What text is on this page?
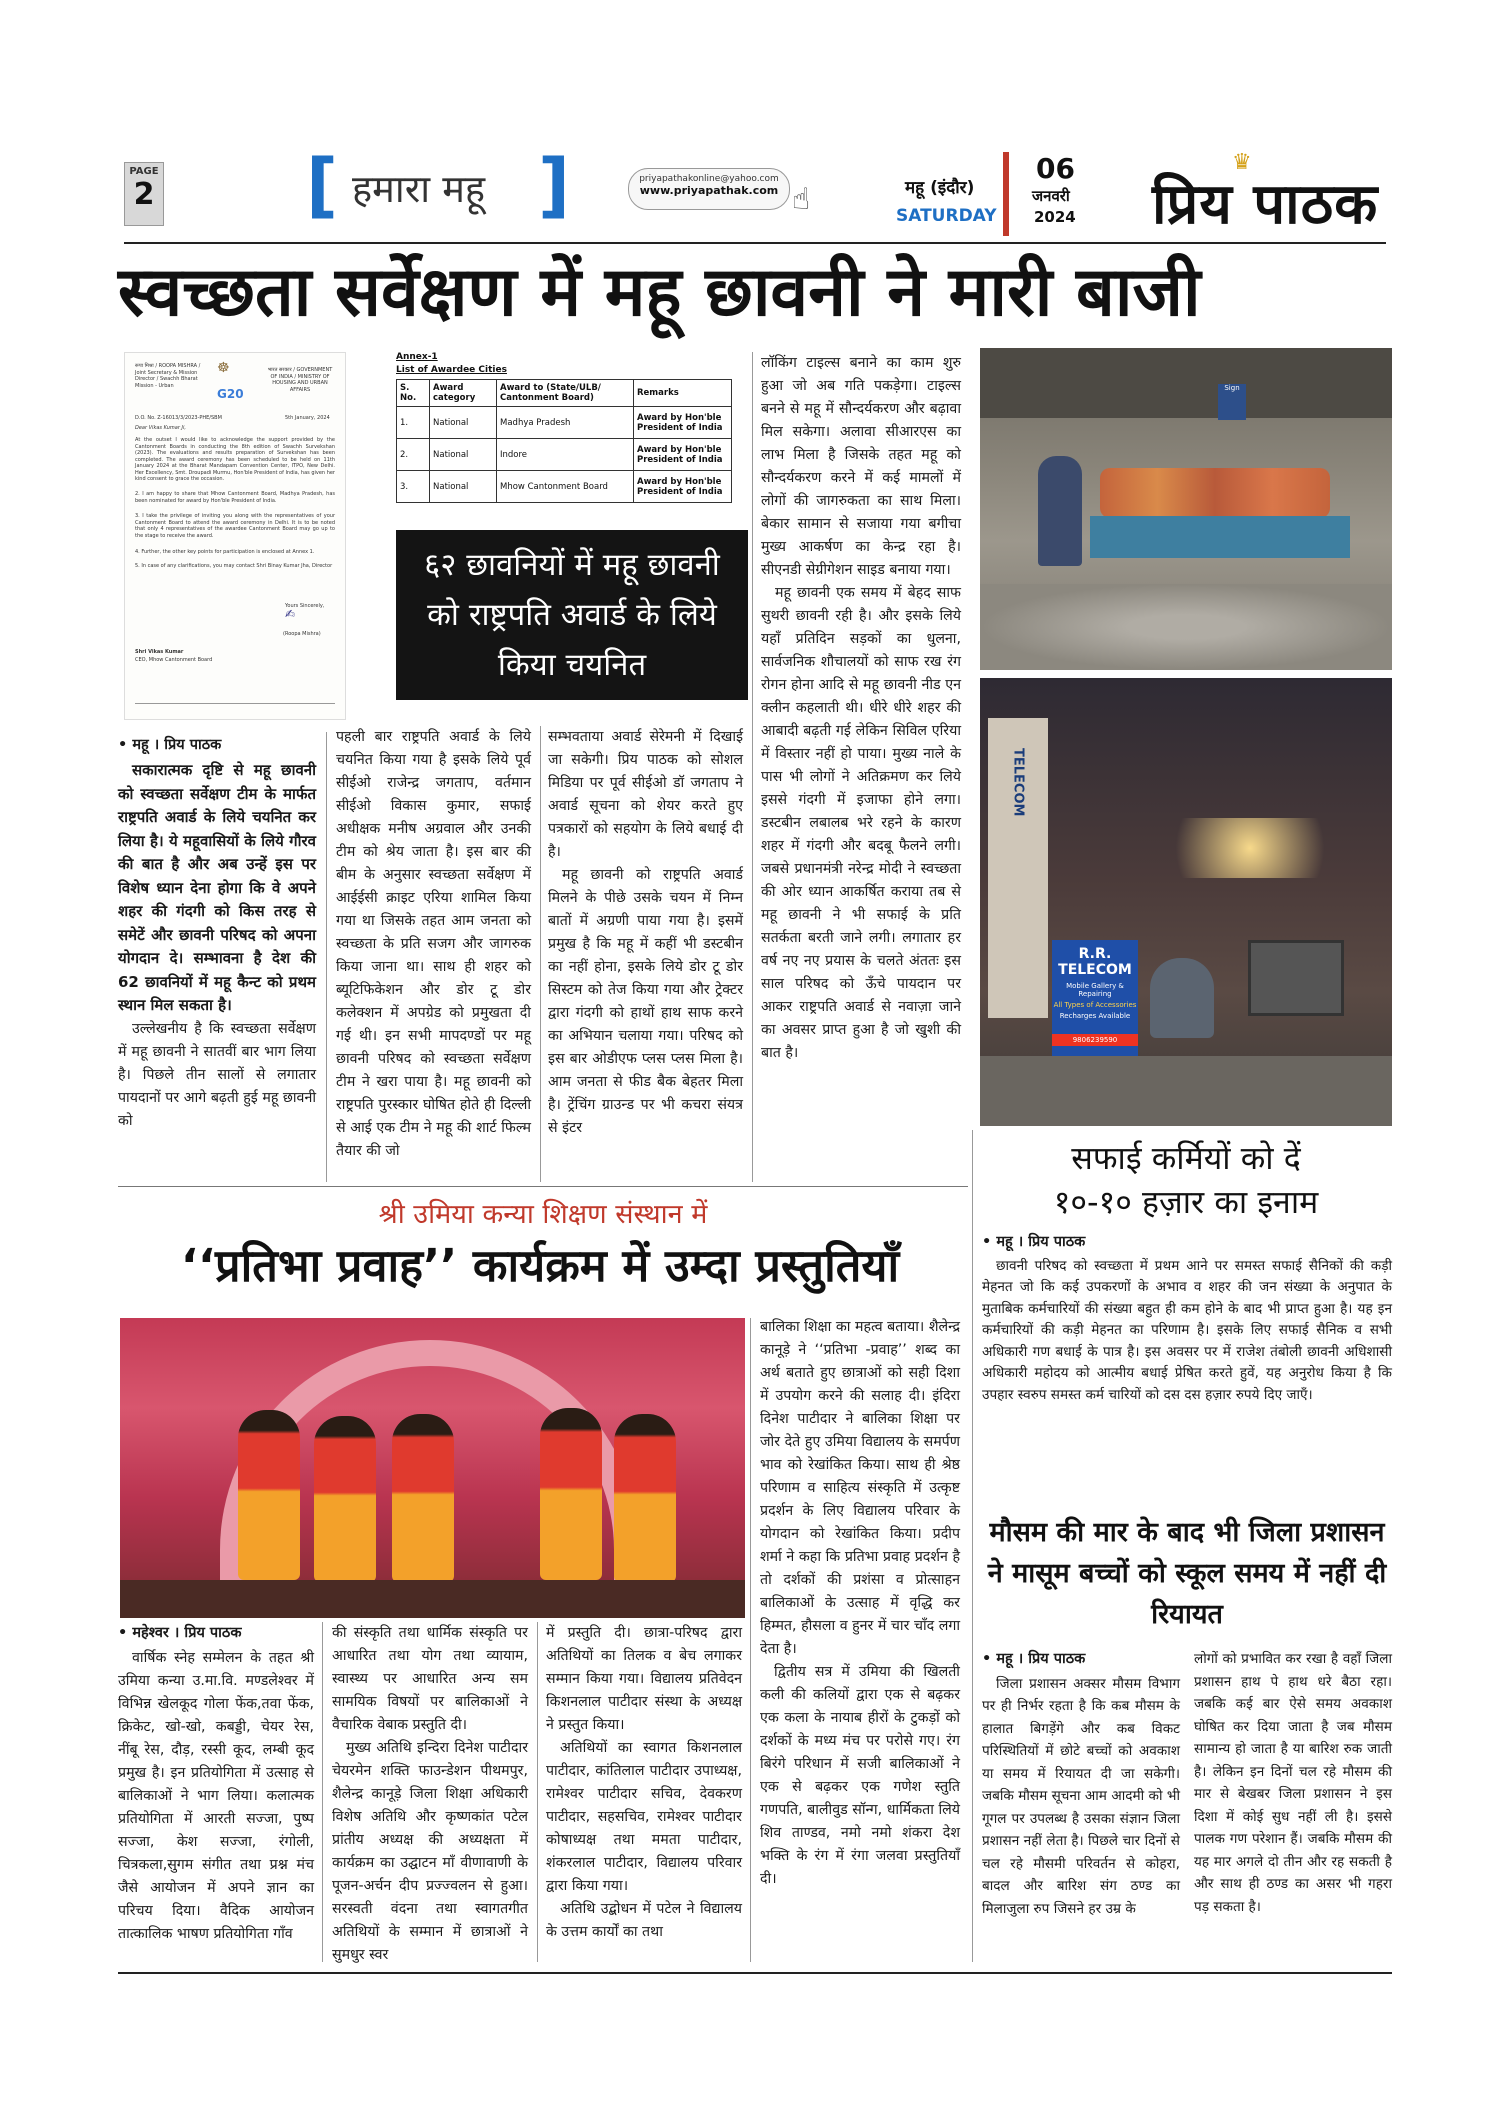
PAGE
2 [ हमारा महू ]	priyapathakonline@yahoo.com
www.priyapathak.com ☝	महू (इंदौर)
SATURDAY
06
जनवरी
2024
♛
प्रिय पाठक
स्वच्छता सर्वेक्षण में महू छावनी ने मारी बाजी
रूपा मिश्रा / ROOPA MISHRA / Joint Secretary & Mission Director / Swachh Bharat Mission - Urban
☸	भारत सरकार / GOVERNMENT OF INDIA / MINISTRY OF HOUSING AND URBAN AFFAIRS
G20
D.O. No. Z-16013/3/2023-PHE/SBM	5th January, 2024
Dear Vikas Kumar Ji,
At the outset I would like to acknowledge the support provided by the Cantonment Boards in conducting the 8th edition of Swachh Survekshan (2023). The evaluations and results preparation of Survekshan has been completed. The award ceremony has been scheduled to be held on 11th January 2024 at the Bharat Mandapam Convention Center, ITPO, New Delhi. Her Excellency, Smt. Droupadi Murmu, Hon'ble President of India, has given her kind consent to grace the occasion.
2. I am happy to share that Mhow Cantonment Board, Madhya Pradesh, has been nominated for award by Hon'ble President of India.
3. I take the privilege of inviting you along with the representatives of your Cantonment Board to attend the award ceremony in Delhi. It is to be noted that only 4 representatives of the awardee Cantonment Board may go up to the stage to receive the award.
4. Further, the other key points for participation is enclosed at Annex 1.
5. In case of any clarifications, you may contact Shri Binay Kumar Jha, Director
Yours Sincerely,
✍
(Roopa Mishra)
Shri Vikas Kumar
CEO, Mhow Cantonment Board
Annex-1
List of Awardee Cities
S. No.	Award category	Award to (State/ULB/ Cantonment Board)	Remarks
1.	National	Madhya Pradesh	Award by Hon'ble President of India
2.	National	Indore	Award by Hon'ble President of India
3.	National	Mhow Cantonment Board	Award by Hon'ble President of India
६२ छावनियों में महू छावनी को राष्ट्रपति अवार्ड के लिये किया चयनित
• महू । प्रिय पाठक
सकारात्मक दृष्टि से महू छावनी को स्वच्छता सर्वेक्षण टीम के मार्फत राष्ट्रपति अवार्ड के लिये चयनित कर लिया है। ये महूवासियों के लिये गौरव की बात है और अब उन्हें इस पर विशेष ध्यान देना होगा कि वे अपने शहर की गंदगी को किस तरह से समेटें और छावनी परिषद को अपना योगदान दे। सम्भावना है देश की 62 छावनियों में महू कैन्ट को प्रथम स्थान मिल सकता है।

उल्लेखनीय है कि स्वच्छता सर्वेक्षण में महू छावनी ने सातवीं बार भाग लिया है। पिछले तीन सालों से लगातार पायदानों पर आगे बढ़ती हुई महू छावनी को

पहली बार राष्ट्रपति अवार्ड के लिये चयनित किया गया है इसके लिये पूर्व सीईओ राजेन्द्र जगताप, वर्तमान सीईओ विकास कुमार, सफाई अधीक्षक मनीष अग्रवाल और उनकी टीम को श्रेय जाता है। इस बार की बीम के अनुसार स्वच्छता सर्वेक्षण में आईईसी क्राइट एरिया शामिल किया गया था जिसके तहत आम जनता को स्वच्छता के प्रति सजग और जागरुक किया जाना था। साथ ही शहर को ब्यूटिफिकेशन और डोर टू डोर कलेक्शन में अपग्रेड को प्रमुखता दी गई थी। इन सभी मापदण्डों पर महू छावनी परिषद को स्वच्छता सर्वेक्षण टीम ने खरा पाया है। महू छावनी को राष्ट्रपति पुरस्कार घोषित होते ही दिल्ली से आई एक टीम ने महू की शार्ट फिल्म तैयार की जो

सम्भवताया अवार्ड सेरेमनी में दिखाई जा सकेगी। प्रिय पाठक को सोशल मिडिया पर पूर्व सीईओ डॉ जगताप ने अवार्ड सूचना को शेयर करते हुए पत्रकारों को सहयोग के लिये बधाई दी है।

महू छावनी को राष्ट्रपति अवार्ड मिलने के पीछे उसके चयन में निम्न बातों में अग्रणी पाया गया है। इसमें प्रमुख है कि महू में कहीं भी डस्टबीन का नहीं होना, इसके लिये डोर टू डोर सिस्टम को तेज किया गया और ट्रेक्टर द्वारा गंदगी को हाथों हाथ साफ करने का अभियान चलाया गया। परिषद को इस बार ओडीएफ प्लस प्लस मिला है। आम जनता से फीड बैक बेहतर मिला है। ट्रेंचिंग ग्राउन्ड पर भी कचरा संयत्र से इंटर

लॉकिंग टाइल्स बनाने का काम शुरु हुआ जो अब गति पकड़ेगा। टाइल्स बनने से महू में सौन्दर्यकरण और बढ़ावा मिल सकेगा। अलावा सीआरएस का लाभ मिला है जिसके तहत महू को सौन्दर्यकरण करने में कई मामलों में लोगों की जागरुकता का साथ मिला। बेकार सामान से सजाया गया बगीचा मुख्य आकर्षण का केन्द्र रहा है। सीएनडी सेग्रीगेशन साइड बनाया गया।

महू छावनी एक समय में बेहद साफ सुथरी छावनी रही है। और इसके लिये यहाँ प्रतिदिन सड़कों का धुलना, सार्वजनिक शौचालयों को साफ रख रंग रोगन होना आदि से महू छावनी नीड एन क्लीन कहलाती थी। धीरे धीरे शहर की आबादी बढ़ती गई लेकिन सिविल एरिया में विस्तार नहीं हो पाया। मुख्य नाले के पास भी लोगों ने अतिक्रमण कर लिये इससे गंदगी में इजाफा होने लगा। डस्टबीन लबालब भरे रहने के कारण शहर में गंदगी और बदबू फैलने लगी। जबसे प्रधानमंत्री नरेन्द्र मोदी ने स्वच्छता की ओर ध्यान आकर्षित कराया तब से महू छावनी ने भी सफाई के प्रति सतर्कता बरती जाने लगी। लगातार हर वर्ष नए नए प्रयास के चलते अंततः इस साल परिषद को ऊँचे पायदान पर आकर राष्ट्रपति अवार्ड से नवाज़ा जाने का अवसर प्राप्त हुआ है जो खुशी की बात है।

Sign
TELECOM
R.R. TELECOM
Mobile Gallery & Repairing
All Types of Accessories
Recharges Available
9806239590
सफाई कर्मियों को दें
१०-१० हज़ार का इनाम
• महू । प्रिय पाठक

छावनी परिषद को स्वच्छता में प्रथम आने पर समस्त सफाई सैनिकों की कड़ी मेहनत जो कि कई उपकरणों के अभाव व शहर की जन संख्या के अनुपात के मुताबिक कर्मचारियों की संख्या बहुत ही कम होने के बाद भी प्राप्त हुआ है। यह इन कर्मचारियों की कड़ी मेहनत का परिणाम है। इसके लिए सफाई सैनिक व सभी अधिकारी गण बधाई के पात्र है। इस अवसर पर में राजेश तंबोली छावनी अधिशासी अधिकारी महोदय को आत्मीय बधाई प्रेषित करते हुवें, यह अनुरोध किया है कि उपहार स्वरुप समस्त कर्म चारियों को दस दस हज़ार रुपये दिए जाएँ।

मौसम की मार के बाद भी जिला प्रशासन ने मासूम बच्चों को स्कूल समय में नहीं दी रियायत
• महू । प्रिय पाठक

जिला प्रशासन अक्सर मौसम विभाग पर ही निर्भर रहता है कि कब मौसम के हालात बिगड़ेंगे और कब विकट परिस्थितियों में छोटे बच्चों को अवकाश या समय में रियायत दी जा सकेगी। जबकि मौसम सूचना आम आदमी को भी गूगल पर उपलब्ध है उसका संज्ञान जिला प्रशासन नहीं लेता है। पिछले चार दिनों से चल रहे मौसमी परिवर्तन से कोहरा, बादल और बारिश संग ठण्ड का मिलाजुला रुप जिसने हर उम्र के

लोगों को प्रभावित कर रखा है वहाँ जिला प्रशासन हाथ पे हाथ धरे बैठा रहा। जबकि कई बार ऐसे समय अवकाश घोषित कर दिया जाता है जब मौसम सामान्य हो जाता है या बारिश रुक जाती है। लेकिन इन दिनों चल रहे मौसम की मार से बेखबर जिला प्रशासन ने इस दिशा में कोई सुध नहीं ली है। इससे पालक गण परेशान हैं। जबकि मौसम की यह मार अगले दो तीन और रह सकती है और साथ ही ठण्ड का असर भी गहरा पड़ सकता है।

श्री उमिया कन्या शिक्षण संस्थान में
‘‘प्रतिभा प्रवाह’’ कार्यक्रम में उम्दा प्रस्तुतियाँ
• महेश्वर । प्रिय पाठक

वार्षिक स्नेह सम्मेलन के तहत श्री उमिया कन्या उ.मा.वि. मण्डलेश्वर में विभिन्न खेलकूद गोला फेंक,तवा फेंक, क्रिकेट, खो-खो, कबड्डी, चेयर रेस, नींबू रेस, दौड़, रस्सी कूद, लम्बी कूद प्रमुख है। इन प्रतियोगिता में उत्साह से बालिकाओं ने भाग लिया। कलात्मक प्रतियोगिता में आरती सज्जा, पुष्प सज्जा, केश सज्जा, रंगोली, चित्रकला,सुगम संगीत तथा प्रश्न मंच जैसे आयोजन में अपने ज्ञान का परिचय दिया। वैदिक आयोजन तात्कालिक भाषण प्रतियोगिता गाँव

की संस्कृति तथा धार्मिक संस्कृति पर आधारित तथा योग तथा व्यायाम, स्वास्थ्य पर आधारित अन्य सम सामयिक विषयों पर बालिकाओं ने वैचारिक वेबाक प्रस्तुति दी।

मुख्य अतिथि इन्दिरा दिनेश पाटीदार चेयरमेन शक्ति फाउन्डेशन पीथमपुर, शैलेन्द्र कानूड़े जिला शिक्षा अधिकारी विशेष अतिथि और कृष्णकांत पटेल प्रांतीय अध्यक्ष की अध्यक्षता में कार्यक्रम का उद्घाटन माँ वीणावाणी के पूजन-अर्चन दीप प्रज्ज्वलन से हुआ। सरस्वती वंदना तथा स्वागतगीत अतिथियों के सम्मान में छात्राओं ने सुमधुर स्वर

में प्रस्तुति दी। छात्रा-परिषद द्वारा अतिथियों का तिलक व बेच लगाकर सम्मान किया गया। विद्यालय प्रतिवेदन किशनलाल पाटीदार संस्था के अध्यक्ष ने प्रस्तुत किया।

अतिथियों का स्वागत किशनलाल पाटीदार, कांतिलाल पाटीदार उपाध्यक्ष, रामेश्वर पाटीदार सचिव, देवकरण पाटीदार, सहसचिव, रामेश्वर पाटीदार कोषाध्यक्ष तथा ममता पाटीदार, शंकरलाल पाटीदार, विद्यालय परिवार द्वारा किया गया।

अतिथि उद्बोधन में पटेल ने विद्यालय के उत्तम कार्यों का तथा

बालिका शिक्षा का महत्व बताया। शैलेन्द्र कानूड़े ने ‘‘प्रतिभा -प्रवाह’’ शब्द का अर्थ बताते हुए छात्राओं को सही दिशा में उपयोग करने की सलाह दी। इंदिरा दिनेश पाटीदार ने बालिका शिक्षा पर जोर देते हुए उमिया विद्यालय के समर्पण भाव को रेखांकित किया। साथ ही श्रेष्ठ परिणाम व साहित्य संस्कृति में उत्कृष्ट प्रदर्शन के लिए विद्यालय परिवार के योगदान को रेखांकित किया। प्रदीप शर्मा ने कहा कि प्रतिभा प्रवाह प्रदर्शन है तो दर्शकों की प्रशंसा व प्रोत्साहन बालिकाओं के उत्साह में वृद्धि कर हिम्मत, हौसला व हुनर में चार चाँद लगा देता है।

द्वितीय सत्र में उमिया की खिलती कली की कलियों द्वारा एक से बढ़कर एक कला के नायाब हीरों के टुकड़ों को दर्शकों के मध्य मंच पर परोसे गए। रंग बिरंगे परिधान में सजी बालिकाओं ने एक से बढ़कर एक गणेश स्तुति गणपति, बालीवुड सॉन्ग, धार्मिकता लिये शिव ताण्डव, नमो नमो शंकरा देश भक्ति के रंग में रंगा जलवा प्रस्तुतियाँ दी।
